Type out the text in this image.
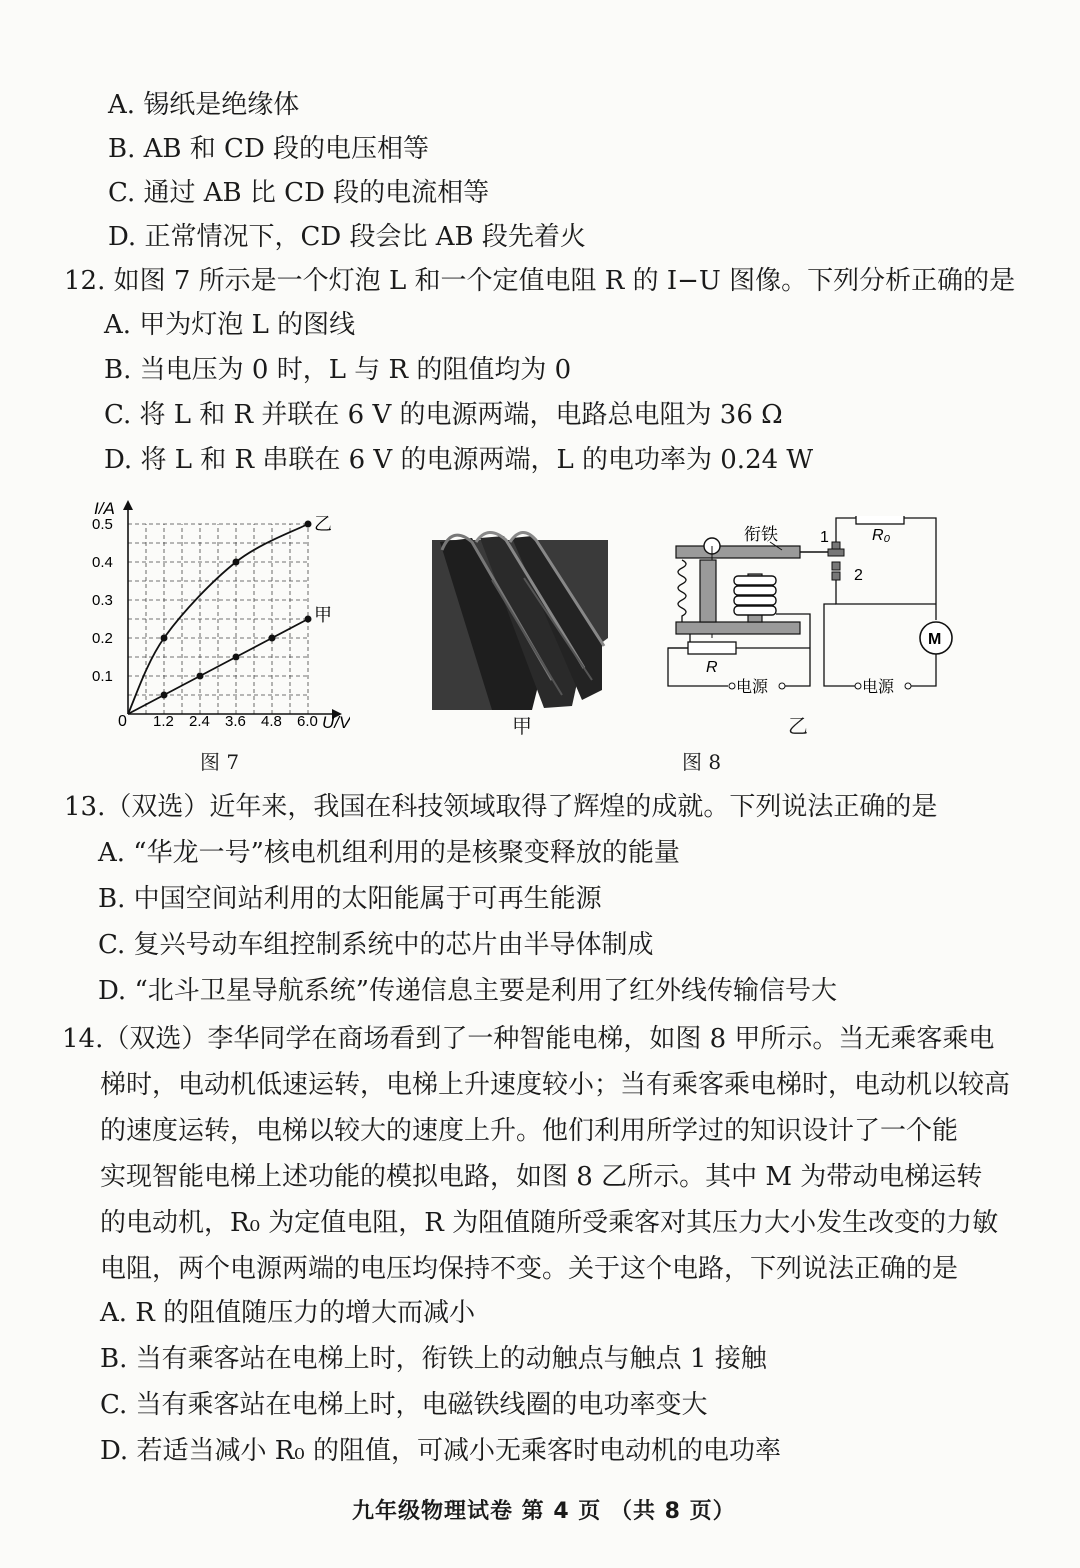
A. 锡纸是绝缘体
B. AB 和 CD 段的电压相等
C. 通过 AB 比 CD 段的电流相等
D. 正常情况下，CD 段会比 AB 段先着火
12. 如图 7 所示是一个灯泡 L 和一个定值电阻 R 的 I−U 图像。下列分析正确的是
A. 甲为灯泡 L 的图线
B. 当电压为 0 时，L 与 R 的阻值均为 0
C. 将 L 和 R 并联在 6 V 的电源两端，电路总电阻为 36 Ω
D. 将 L 和 R 串联在 6 V 的电源两端，L 的电功率为 0.24 W
I/A
U/V
0 1.2 2.4 3.6 4.8 6.0
0.1
0.2
0.3
0.4
0.5	乙
甲
图 7
甲
衔铁	1
2
R₀
M
电源
R
电源
乙
图 8
13.（双选）近年来，我国在科技领域取得了辉煌的成就。下列说法正确的是
A. “华龙一号”核电机组利用的是核聚变释放的能量
B. 中国空间站利用的太阳能属于可再生能源
C. 复兴号动车组控制系统中的芯片由半导体制成
D. “北斗卫星导航系统”传递信息主要是利用了红外线传输信号大
14.（双选）李华同学在商场看到了一种智能电梯，如图 8 甲所示。当无乘客乘电
梯时，电动机低速运转，电梯上升速度较小；当有乘客乘电梯时，电动机以较高
的速度运转，电梯以较大的速度上升。他们利用所学过的知识设计了一个能
实现智能电梯上述功能的模拟电路，如图 8 乙所示。其中 M 为带动电梯运转
的电动机，R₀ 为定值电阻，R 为阻值随所受乘客对其压力大小发生改变的力敏
电阻，两个电源两端的电压均保持不变。关于这个电路，下列说法正确的是
A. R 的阻值随压力的增大而减小
B. 当有乘客站在电梯上时，衔铁上的动触点与触点 1 接触
C. 当有乘客站在电梯上时，电磁铁线圈的电功率变大
D. 若适当减小 R₀ 的阻值，可减小无乘客时电动机的电功率
九年级物理试卷 第 4 页 （共 8 页）
